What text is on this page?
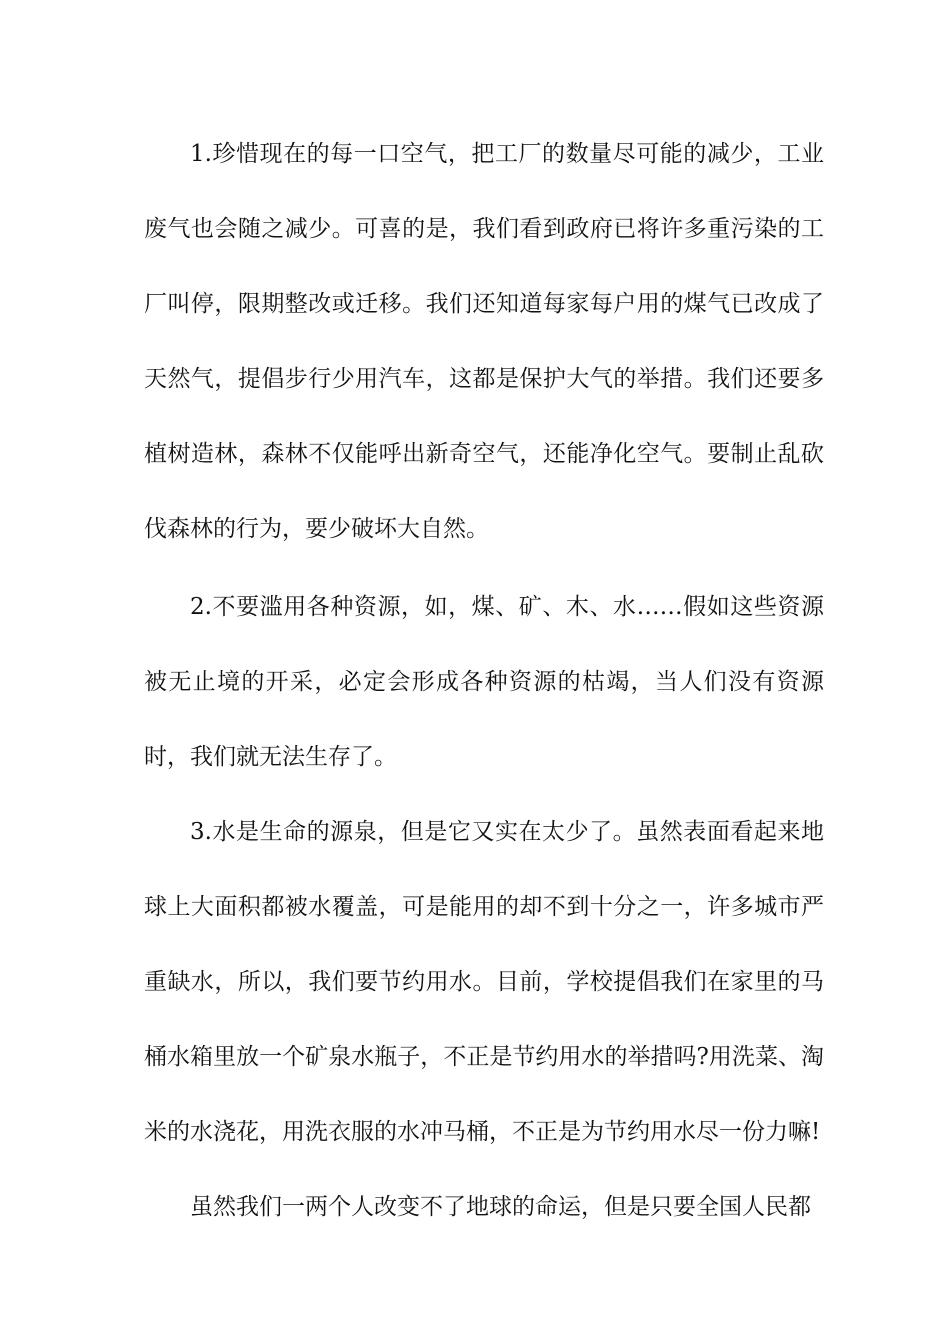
1.珍惜现在的每一口空气，把工厂的数量尽可能的减少，工业废气也会随之减少。可喜的是，我们看到政府已将许多重污染的工厂叫停，限期整改或迁移。我们还知道每家每户用的煤气已改成了天然气，提倡步行少用汽车，这都是保护大气的举措。我们还要多植树造林，森林不仅能呼出新奇空气，还能净化空气。要制止乱砍伐森林的行为，要少破坏大自然。

2.不要滥用各种资源，如，煤、矿、木、水……假如这些资源被无止境的开采，必定会形成各种资源的枯竭，当人们没有资源时，我们就无法生存了。

3.水是生命的源泉，但是它又实在太少了。虽然表面看起来地球上大面积都被水覆盖，可是能用的却不到十分之一，许多城市严重缺水，所以，我们要节约用水。目前，学校提倡我们在家里的马桶水箱里放一个矿泉水瓶子，不正是节约用水的举措吗?用洗菜、淘米的水浇花，用洗衣服的水冲马桶，不正是为节约用水尽一份力嘛!

虽然我们一两个人改变不了地球的命运，但是只要全国人民都
